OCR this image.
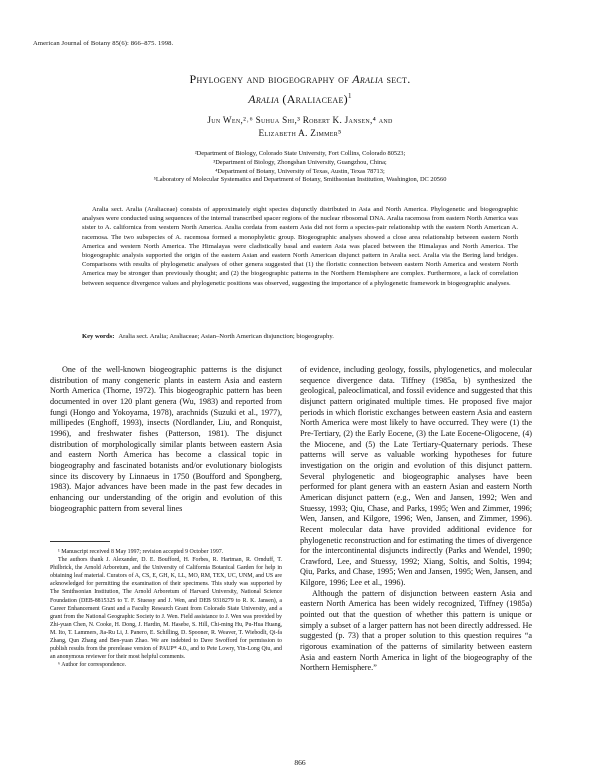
American Journal of Botany 85(6): 866–875. 1998.
Phylogeny and biogeography of Aralia sect.
Aralia (Araliaceae)$^1$
Jun Wen,²˒⁶ Suhua Shi,³ Robert K. Jansen,⁴ and
Elizabeth A. Zimmer⁵
²Department of Biology, Colorado State University, Fort Collins, Colorado 80523;
³Department of Biology, Zhongshan University, Guangzhou, China;
⁴Department of Botany, University of Texas, Austin, Texas 78713;
⁵Laboratory of Molecular Systematics and Department of Botany, Smithsonian Institution, Washington, DC 20560
Aralia sect. Aralia (Araliaceae) consists of approximately eight species disjunctly distributed in Asia and North America. Phylogenetic and biogeographic analyses were conducted using sequences of the internal transcribed spacer regions of the nuclear ribosomal DNA. Aralia racemosa from eastern North America was sister to A. californica from western North America. Aralia cordata from eastern Asia did not form a species-pair relationship with the eastern North American A. racemosa. The two subspecies of A. racemosa formed a monophyletic group. Biogeographic analyses showed a close area relationship between eastern North America and western North America. The Himalayas were cladistically basal and eastern Asia was placed between the Himalayas and North America. The biogeographic analysis supported the origin of the eastern Asian and eastern North American disjunct pattern in Aralia sect. Aralia via the Bering land bridges. Comparisons with results of phylogenetic analyses of other genera suggested that (1) the floristic connection between eastern North America and western North America may be stronger than previously thought; and (2) the biogeographic patterns in the Northern Hemisphere are complex. Furthermore, a lack of correlation between sequence divergence values and phylogenetic positions was observed, suggesting the importance of a phylogenetic framework in biogeographic analyses.
Key words: Aralia sect. Aralia; Araliaceae; Asian–North American disjunction; biogeography.

One of the well-known biogeographic patterns is the disjunct distribution of many congeneric plants in eastern Asia and eastern North America (Thorne, 1972). This biogeographic pattern has been documented in over 120 plant genera (Wu, 1983) and reported from fungi (Hongo and Yokoyama, 1978), arachnids (Suzuki et al., 1977), millipedes (Enghoff, 1993), insects (Nordlander, Liu, and Ronquist, 1996), and freshwater fishes (Patterson, 1981). The disjunct distribution of morphologically similar plants between eastern Asia and eastern North America has become a classical topic in biogeography and fascinated botanists and/or evolutionary biologists since its discovery by Linnaeus in 1750 (Boufford and Spongberg, 1983). Major advances have been made in the past few decades in enhancing our understanding of the origin and evolution of this biogeographic pattern from several lines

¹ Manuscript received 8 May 1997; revision accepted 9 October 1997.

The authors thank J. Alexander, D. E. Boufford, H. Forbes, R. Hartman, R. Ornduff, T. Philbrick, the Arnold Arboretum, and the University of California Botanical Garden for help in obtaining leaf material. Curators of A, CS, E, GH, K, LL, MO, RM, TEX, UC, UNM, and US are acknowledged for permitting the examination of their specimens. This study was supported by The Smithsonian Institution, The Arnold Arboretum of Harvard University, National Science Foundation (DEB-8815325 to T. F. Stuessy and J. Wen, and DEB 9318279 to R. K. Jansen), a Career Enhancement Grant and a Faculty Research Grant from Colorado State University, and a grant from the National Geographic Society to J. Wen. Field assistance to J. Wen was provided by Zhi-yuan Chen, N. Cooke, H. Dong, J. Hardin, M. Hasebe, S. Hill, Chi-ming Hu, Pu-Hua Huang, M. Ito, T. Lammers, Jia-Ru Li, J. Panero, E. Schilling, D. Spooner, R. Weaver, T. Wiebodlt, Qi-fa Zhang, Qun Zhang and Ben-yuan Zhao. We are indebted to Dave Swofford for permission to publish results from the prerelease version of PAUP* 4.0., and to Pete Lowry, Yin-Long Qiu, and an anonymous reviewer for their most helpful comments.

⁶ Author for correspondence.

of evidence, including geology, fossils, phylogenetics, and molecular sequence divergence data. Tiffney (1985a, b) synthesized the geological, paleoclimatical, and fossil evidence and suggested that this disjunct pattern originated multiple times. He proposed five major periods in which floristic exchanges between eastern Asia and eastern North America were most likely to have occurred. They were (1) the Pre-Tertiary, (2) the Early Eocene, (3) the Late Eocene-Oligocene, (4) the Miocene, and (5) the Late Tertiary-Quaternary periods. These patterns will serve as valuable working hypotheses for future investigation on the origin and evolution of this disjunct pattern. Several phylogenetic and biogeographic analyses have been performed for plant genera with an eastern Asian and eastern North American disjunct pattern (e.g., Wen and Jansen, 1992; Wen and Stuessy, 1993; Qiu, Chase, and Parks, 1995; Wen and Zimmer, 1996; Wen, Jansen, and Kilgore, 1996; Wen, Jansen, and Zimmer, 1996). Recent molecular data have provided additional evidence for phylogenetic reconstruction and for estimating the times of divergence for the intercontinental disjuncts indirectly (Parks and Wendel, 1990; Crawford, Lee, and Stuessy, 1992; Xiang, Soltis, and Soltis, 1994; Qiu, Parks, and Chase, 1995; Wen and Jansen, 1995; Wen, Jansen, and Kilgore, 1996; Lee et al., 1996).

Although the pattern of disjunction between eastern Asia and eastern North America has been widely recognized, Tiffney (1985a) pointed out that the question of whether this pattern is unique or simply a subset of a larger pattern has not been directly addressed. He suggested (p. 73) that a proper solution to this question requires “a rigorous examination of the patterns of similarity between eastern Asia and eastern North America in light of the biogeography of the Northern Hemisphere.”

866
